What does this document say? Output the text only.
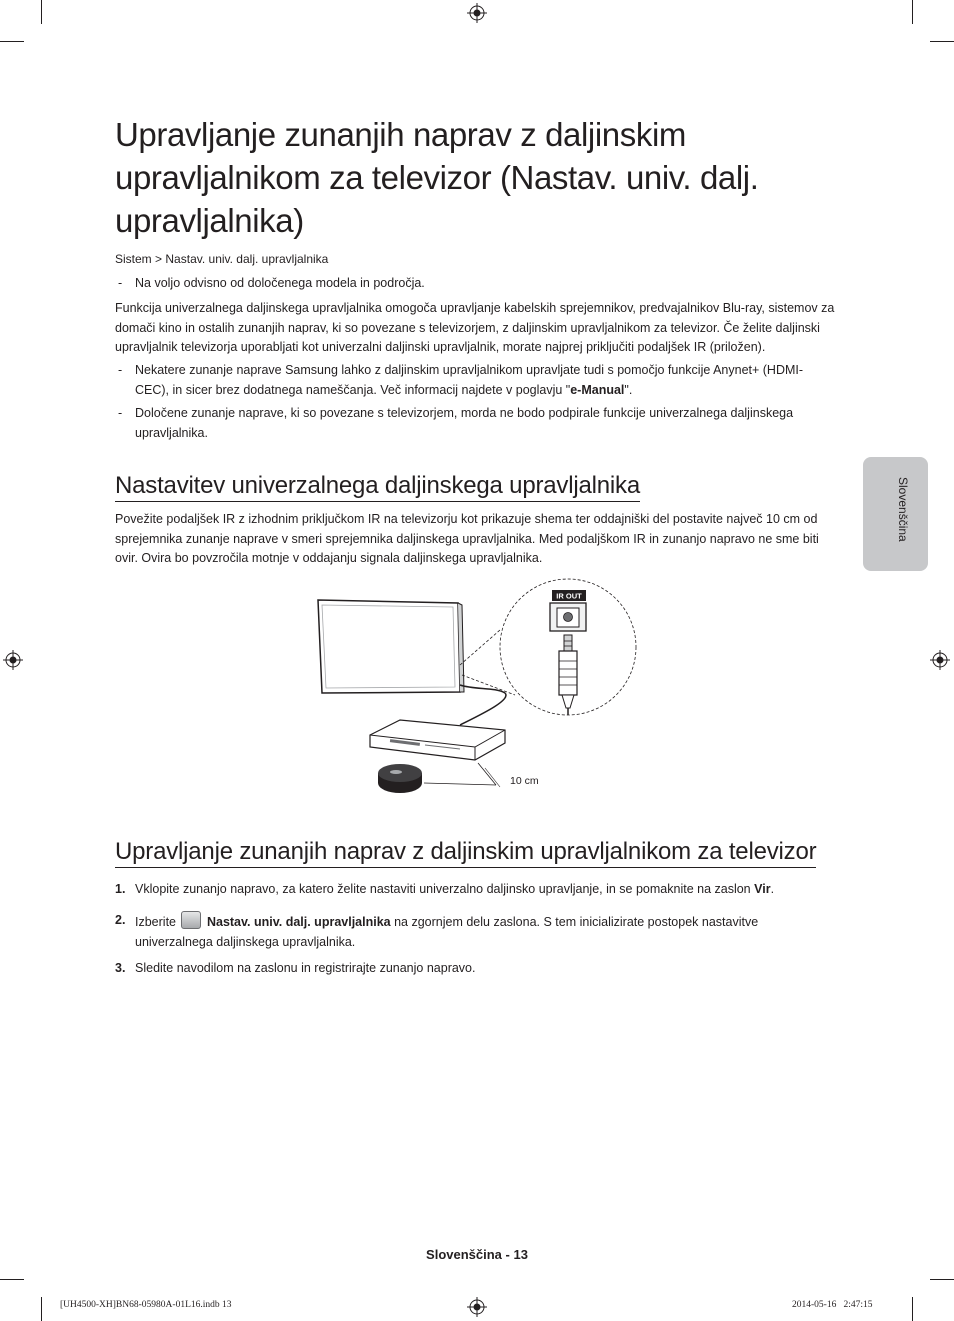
Slovenščina
Upravljanje zunanjih naprav z daljinskim upravljalnikom za televizor (Nastav. univ. dalj. upravljalnika)
Sistem > Nastav. univ. dalj. upravljalnika
- Na voljo odvisno od določenega modela in področja.

Funkcija univerzalnega daljinskega upravljalnika omogoča upravljanje kabelskih sprejemnikov, predvajalnikov Blu-ray, sistemov za domači kino in ostalih zunanjih naprav, ki so povezane s televizorjem, z daljinskim upravljalnikom za televizor. Če želite daljinski upravljalnik televizorja uporabljati kot univerzalni daljinski upravljalnik, morate najprej priključiti podaljšek IR (priložen).

- Nekatere zunanje naprave Samsung lahko z daljinskim upravljalnikom upravljate tudi s pomočjo funkcije Anynet+ (HDMI-CEC), in sicer brez dodatnega nameščanja. Več informacij najdete v poglavju "e-Manual".
- Določene zunanje naprave, ki so povezane s televizorjem, morda ne bodo podpirale funkcije univerzalnega daljinskega upravljalnika.
Nastavitev univerzalnega daljinskega upravljalnika

Povežite podaljšek IR z izhodnim priključkom IR na televizorju kot prikazuje shema ter oddajniški del postavite največ 10 cm od sprejemnika zunanje naprave v smeri sprejemnika daljinskega upravljalnika. Med podaljškom IR in zunanjo napravo ne sme biti ovir. Ovira bo povzročila motnje v oddajanju signala daljinskega upravljalnika.

IR OUT
10 cm
Upravljanje zunanjih naprav z daljinskim upravljalnikom za televizor
1. Vklopite zunanjo napravo, za katero želite nastaviti univerzalno daljinsko upravljanje, in se pomaknite na zaslon Vir.
2. Izberite Nastav. univ. dalj. upravljalnika na zgornjem delu zaslona. S tem inicializirate postopek nastavitve univerzalnega daljinskega upravljalnika.
3. Sledite navodilom na zaslonu in registrirajte zunanjo napravo.
Slovenščina - 13
[UH4500-XH]BN68-05980A-01L16.indb 13	2014-05-16   2:47:15
